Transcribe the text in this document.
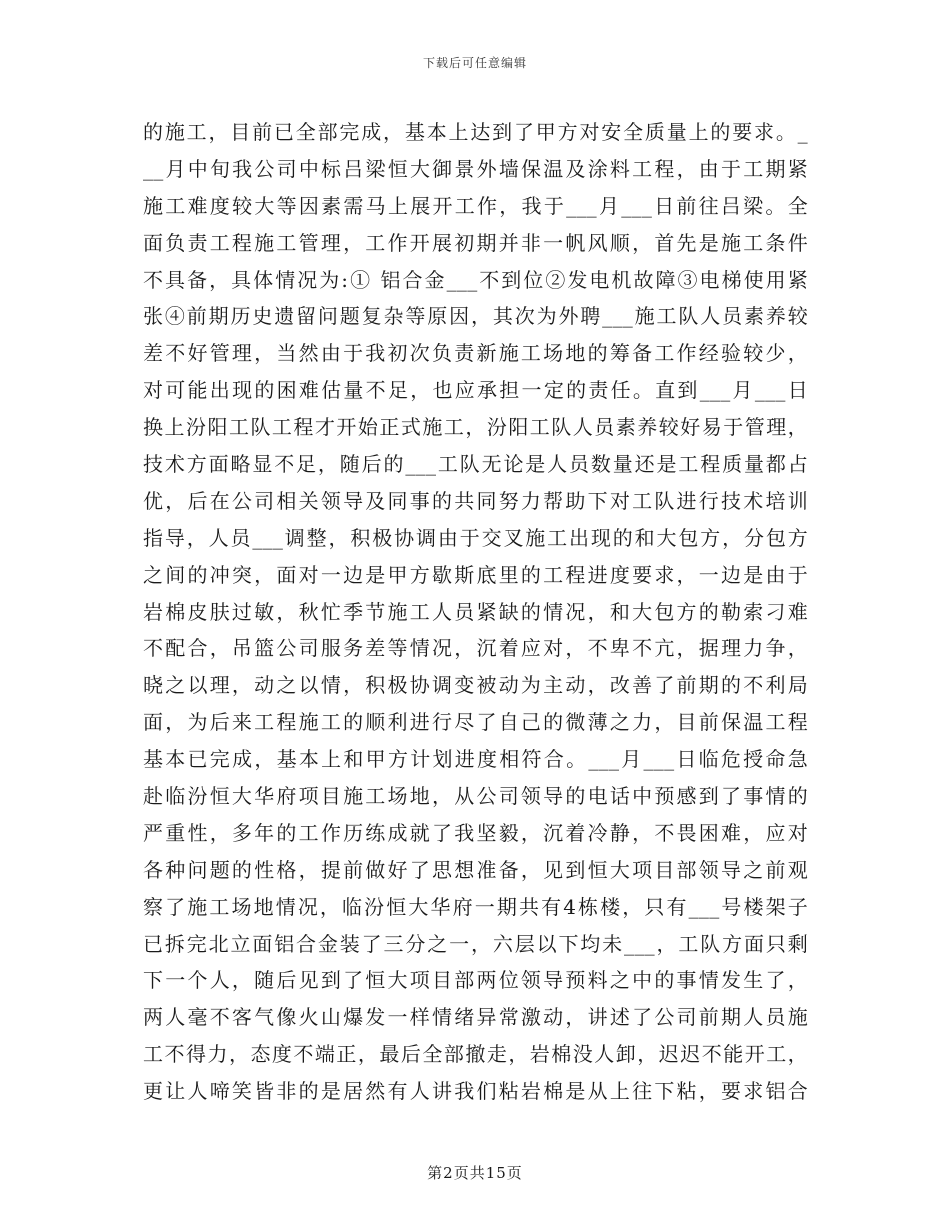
下载后可任意编辑
的施工，目前已全部完成，基本上达到了甲方对安全质量上的要求。_
__月中旬我公司中标吕梁恒大御景外墙保温及涂料工程，由于工期紧
施工难度较大等因素需马上展开工作，我于___月___日前往吕梁。全
面负责工程施工管理，工作开展初期并非一帆风顺，首先是施工条件
不具备，具体情况为:① 铝合金___不到位②发电机故障③电梯使用紧
张④前期历史遗留问题复杂等原因，其次为外聘___施工队人员素养较
差不好管理，当然由于我初次负责新施工场地的筹备工作经验较少，
对可能出现的困难估量不足，也应承担一定的责任。直到___月___日
换上汾阳工队工程才开始正式施工，汾阳工队人员素养较好易于管理，
技术方面略显不足，随后的___工队无论是人员数量还是工程质量都占
优，后在公司相关领导及同事的共同努力帮助下对工队进行技术培训
指导，人员___调整，积极协调由于交叉施工出现的和大包方，分包方
之间的冲突，面对一边是甲方歇斯底里的工程进度要求，一边是由于
岩棉皮肤过敏，秋忙季节施工人员紧缺的情况，和大包方的勒索刁难
不配合，吊篮公司服务差等情况，沉着应对，不卑不亢，据理力争，
晓之以理，动之以情，积极协调变被动为主动，改善了前期的不利局
面，为后来工程施工的顺利进行尽了自己的微薄之力，目前保温工程
基本已完成，基本上和甲方计划进度相符合。___月___日临危授命急
赴临汾恒大华府项目施工场地，从公司领导的电话中预感到了事情的
严重性，多年的工作历练成就了我坚毅，沉着冷静，不畏困难，应对
各种问题的性格，提前做好了思想准备，见到恒大项目部领导之前观
察了施工场地情况，临汾恒大华府一期共有4栋楼，只有___号楼架子
已拆完北立面铝合金装了三分之一，六层以下均未___，工队方面只剩
下一个人，随后见到了恒大项目部两位领导预料之中的事情发生了，
两人毫不客气像火山爆发一样情绪异常激动，讲述了公司前期人员施
工不得力，态度不端正，最后全部撤走，岩棉没人卸，迟迟不能开工，
更让人啼笑皆非的是居然有人讲我们粘岩棉是从上往下粘，要求铝合
第2页共15页
